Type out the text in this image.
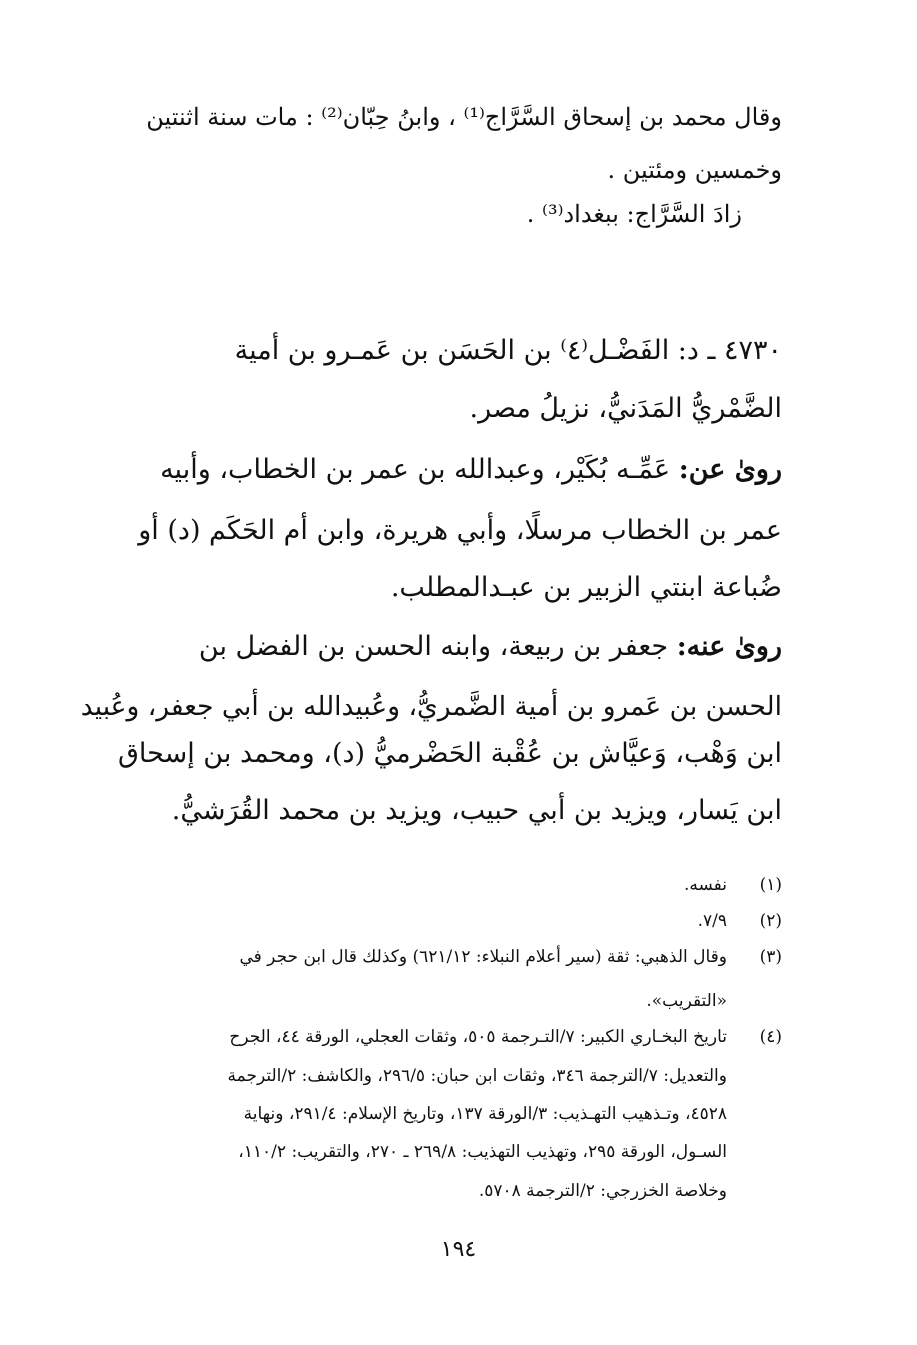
وقال محمد بن إسحاق السَّرَّاج⁽¹⁾ ، وابنُ حِبّان⁽²⁾ : مات سنة اثنتين
وخمسين ومئتين .
زادَ السَّرَّاج: ببغداد⁽³⁾ .
٤٧٣٠ ـ د: الفَضْـل⁽٤⁾ بن الحَسَن بن عَمـرو بن أمية
الضَّمْريُّ المَدَنيُّ، نزيلُ مصر.
روىٰ عن: عَمِّـه بُكَيْر، وعبدالله بن عمر بن الخطاب، وأبيه
عمر بن الخطاب مرسلًا، وأبي هريرة، وابن أم الحَكَم (د) أو
ضُباعة ابنتي الزبير بن عبـدالمطلب.
روىٰ عنه: جعفر بن ربيعة، وابنه الحسن بن الفضل بن
الحسن بن عَمرو بن أمية الضَّمريُّ، وعُبيدالله بن أبي جعفر، وعُبيد
ابن وَهْب، وَعيَّاش بن عُقْبة الحَضْرميُّ (د)، ومحمد بن إسحاق
ابن يَسار، ويزيد بن أبي حبيب، ويزيد بن محمد القُرَشيُّ.
(١)نفسه.
(٢)٧/٩.
(٣)وقال الذهبي: ثقة (سير أعلام النبلاء: ٦٢١/١٢) وكذلك قال ابن حجر في
«التقريب».
(٤)تاريخ البخـاري الكبير: ٧/التـرجمة ٥٠٥، وثقات العجلي، الورقة ٤٤، الجرح
والتعديل: ٧/الترجمة ٣٤٦، وثقات ابن حبان: ٢٩٦/٥، والكاشف: ٢/الترجمة
٤٥٢٨، وتـذهيب التهـذيب: ٣/الورقة ١٣٧، وتاريخ الإسلام: ٢٩١/٤، ونهاية
السـول، الورقة ٢٩٥، وتهذيب التهذيب: ٢٦٩/٨ ـ ٢٧٠، والتقريب: ١١٠/٢،
وخلاصة الخزرجي: ٢/الترجمة ٥٧٠٨.
١٩٤
